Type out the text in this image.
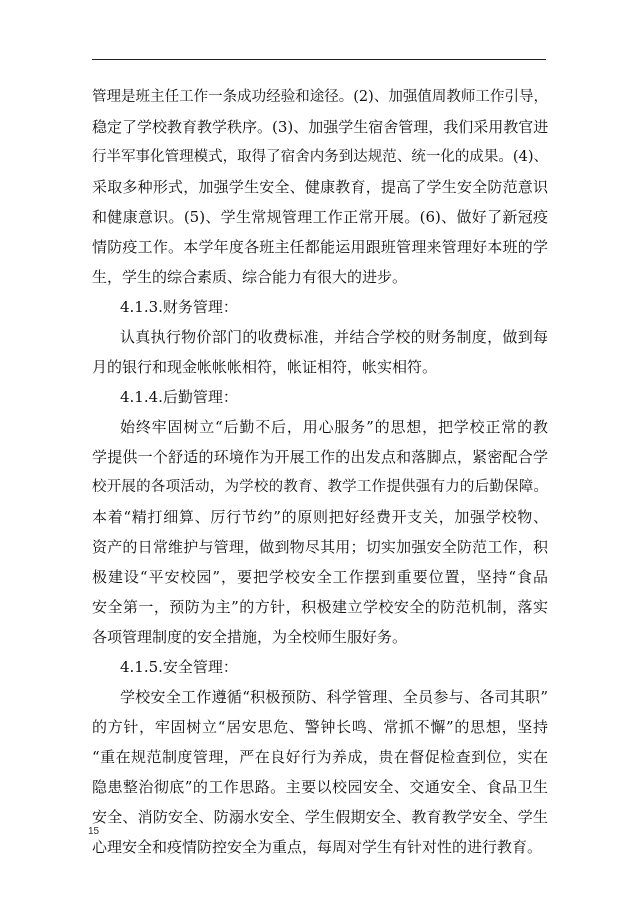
管理是班主任工作一条成功经验和途径。(2)、加强值周教师工作引导，
稳定了学校教育教学秩序。(3)、加强学生宿舍管理，我们采用教官进
行半军事化管理模式，取得了宿舍内务到达规范、统一化的成果。(4)、
采取多种形式，加强学生安全、健康教育，提高了学生安全防范意识
和健康意识。(5)、学生常规管理工作正常开展。(6)、做好了新冠疫
情防疫工作。本学年度各班主任都能运用跟班管理来管理好本班的学
生，学生的综合素质、综合能力有很大的进步。
4.1.3.财务管理：
认真执行物价部门的收费标准，并结合学校的财务制度，做到每
月的银行和现金帐帐帐相符，帐证相符，帐实相符。
4.1.4.后勤管理：
始终牢固树立“后勤不后，用心服务”的思想，把学校正常的教
学提供一个舒适的环境作为开展工作的出发点和落脚点，紧密配合学
校开展的各项活动，为学校的教育、教学工作提供强有力的后勤保障。
本着“精打细算、厉行节约”的原则把好经费开支关，加强学校物、
资产的日常维护与管理，做到物尽其用；切实加强安全防范工作，积
极建设“平安校园”，要把学校安全工作摆到重要位置，坚持“食品
安全第一，预防为主”的方针，积极建立学校安全的防范机制，落实
各项管理制度的安全措施，为全校师生服好务。
4.1.5.安全管理：
学校安全工作遵循“积极预防、科学管理、全员参与、各司其职”
的方针，牢固树立“居安思危、警钟长鸣、常抓不懈”的思想，坚持
“重在规范制度管理，严在良好行为养成，贵在督促检查到位，实在
隐患整治彻底”的工作思路。主要以校园安全、交通安全、食品卫生
安全、消防安全、防溺水安全、学生假期安全、教育教学安全、学生
心理安全和疫情防控安全为重点，每周对学生有针对性的进行教育。
15
